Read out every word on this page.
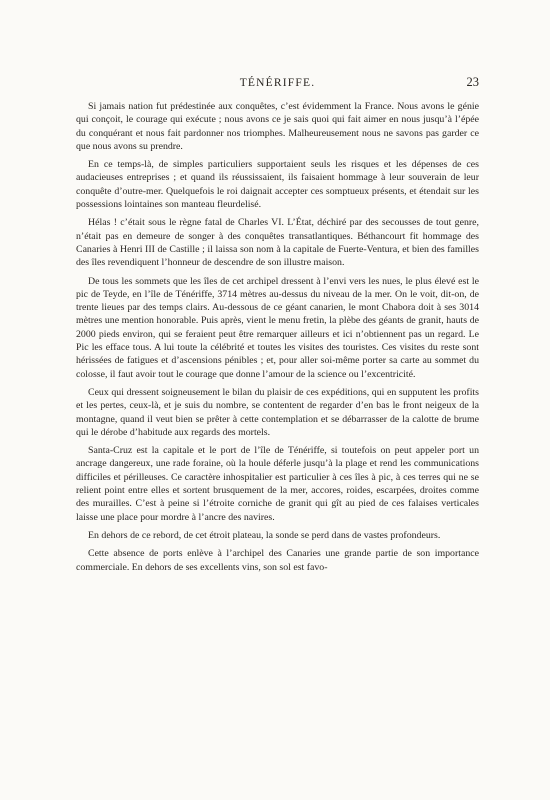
TÉNÉRIFFE.	23

Si jamais nation fut prédestinée aux conquêtes, c’est évidemment la France. Nous avons le génie qui conçoit, le courage qui exécute ; nous avons ce je sais quoi qui fait aimer en nous jusqu’à l’épée du conquérant et nous fait pardonner nos triomphes. Malheureusement nous ne savons pas garder ce que nous avons su prendre.

En ce temps-là, de simples particuliers supportaient seuls les risques et les dépenses de ces audacieuses entreprises ; et quand ils réussissaient, ils faisaient hommage à leur souverain de leur conquête d’outre-mer. Quelquefois le roi daignait accepter ces somptueux présents, et étendait sur les possessions lointaines son manteau fleurdelisé.

Hélas ! c’était sous le règne fatal de Charles VI. L’État, déchiré par des secousses de tout genre, n’était pas en demeure de songer à des conquêtes transatlantiques. Béthancourt fit hommage des Canaries à Henri III de Castille ; il laissa son nom à la capitale de Fuerte-Ventura, et bien des familles des îles revendiquent l’honneur de descendre de son illustre maison.

De tous les sommets que les îles de cet archipel dressent à l’envi vers les nues, le plus élevé est le pic de Teyde, en l’île de Ténériffe, 3714 mètres au-dessus du niveau de la mer. On le voit, dit-on, de trente lieues par des temps clairs. Au-dessous de ce géant canarien, le mont Chabora doit à ses 3014 mètres une mention honorable. Puis après, vient le menu fretin, la plèbe des géants de granit, hauts de 2000 pieds environ, qui se feraient peut être remarquer ailleurs et ici n’obtiennent pas un regard. Le Pic les efface tous. A lui toute la célébrité et toutes les visites des touristes. Ces visites du reste sont hérissées de fatigues et d’ascensions pénibles ; et, pour aller soi-même porter sa carte au sommet du colosse, il faut avoir tout le courage que donne l’amour de la science ou l’excentricité.

Ceux qui dressent soigneusement le bilan du plaisir de ces expéditions, qui en supputent les profits et les pertes, ceux-là, et je suis du nombre, se contentent de regarder d’en bas le front neigeux de la montagne, quand il veut bien se prêter à cette contemplation et se débarrasser de la calotte de brume qui le dérobe d’habitude aux regards des mortels.

Santa-Cruz est la capitale et le port de l’île de Ténériffe, si toutefois on peut appeler port un ancrage dangereux, une rade foraine, où la houle déferle jusqu’à la plage et rend les communications difficiles et périlleuses. Ce caractère inhospitalier est particulier à ces îles à pic, à ces terres qui ne se relient point entre elles et sortent brusquement de la mer, accores, roides, escarpées, droites comme des murailles. C’est à peine si l’étroite corniche de granit qui gît au pied de ces falaises verticales laisse une place pour mordre à l’ancre des navires.

En dehors de ce rebord, de cet étroit plateau, la sonde se perd dans de vastes profondeurs.

Cette absence de ports enlève à l’archipel des Canaries une grande partie de son importance commerciale. En dehors de ses excellents vins, son sol est favo-
